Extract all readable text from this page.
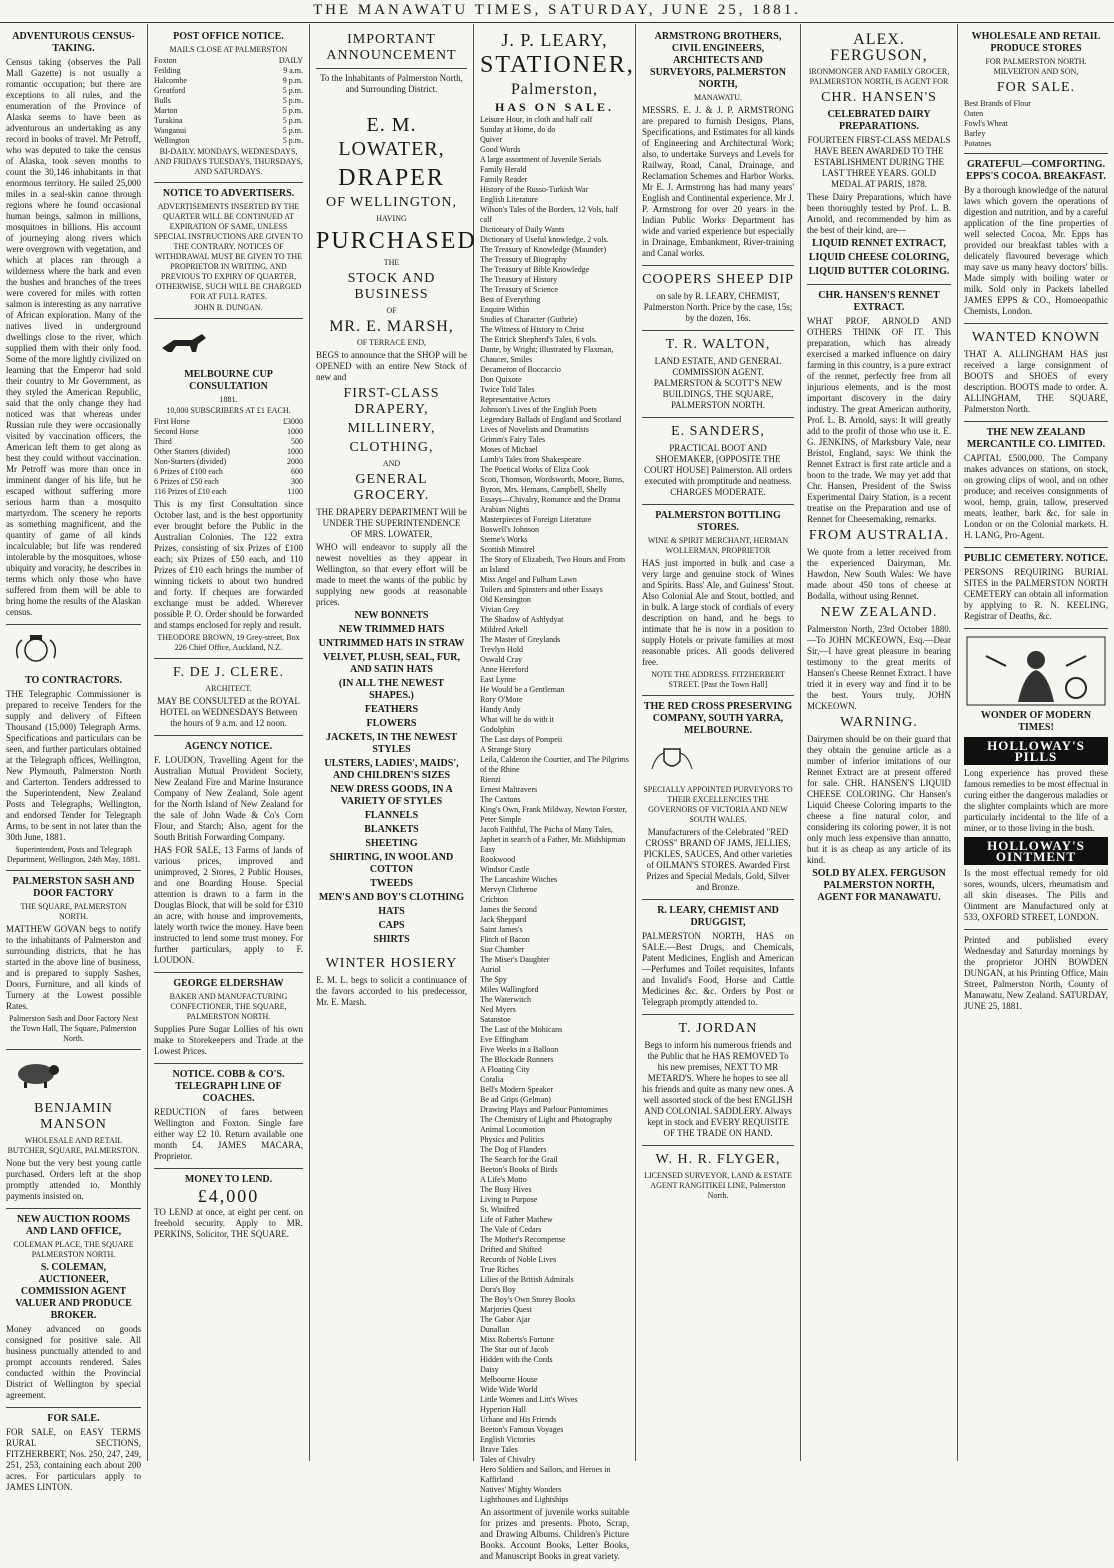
THE MANAWATU TIMES, SATURDAY, JUNE 25, 1881.
ADVENTUROUS CENSUS-TAKING.
Census taking (observes the Pall Mall Gazette) is not usually a romantic occupation; but there are exceptions to all rules, and the enumeration of the Province of Alaska seems to have been as adventurous an undertaking as any record in books of travel. Mr Petroff, who was deputed to take the census of Alaska, took seven months to count the 30,146 inhabitants in that enormous territory. He sailed 25,000 miles in a seal-skin canoe through regions where he found occasional human beings, salmon in millions, mosquitoes in billions. His account of journeying along rivers which were overgrown with vegetation, and which at places ran through a wilderness where the bark and even the bushes and branches of the trees were covered for miles with rotten salmon is interesting as any narrative of African exploration. Many of the natives lived in underground dwellings close to the river, which supplied them with their only food. Some of the more lightly civilized on learning that the Emperor had sold their country to Mr Government, as they styled the American Republic, said that the only change they had noticed was that whereas under Russian rule they were occasionally visited by vaccination officers, the American left them to get along as best they could without vaccination. Mr Petroff was more than once in imminent danger of his life, but he escaped without suffering more serious harm than a mosquito martyrdom. The scenery he reports as something magnificent, and the quantity of game of all kinds incalculable; but life was rendered intolerable by the mosquitoes, whose ubiquity and voracity, he describes in terms which only those who have suffered from them will be able to bring home the results of the Alaskan census.
TO CONTRACTORS.
THE Telegraphic Commissioner is prepared to receive Tenders for the supply and delivery of Fifteen Thousand (15,000) Telegraph Arms. Specifications and particulars can be seen, and further particulars obtained at the Telegraph offices, Wellington, New Plymouth, Palmerston North and Carterton. Tenders addressed to the Superintendent, New Zealand Posts and Telegraphs, Wellington, and endorsed Tender for Telegraph Arms, to be sent in not later than the 30th June, 1881.
Superintendent, Posts and Telegraph Department, Wellington, 24th May, 1881.
PALMERSTON SASH AND DOOR FACTORY
THE SQUARE, PALMERSTON NORTH.
MATTHEW GOVAN begs to notify to the inhabitants of Palmerston and surrounding districts, that he has started in the above line of business, and is prepared to supply Sashes, Doors, Furniture, and all kinds of Turnery at the Lowest possible Rates.
Palmerston Sash and Door Factory Next the Town Hall, The Square, Palmerston North.
BENJAMIN MANSON
WHOLESALE AND RETAIL BUTCHER, SQUARE, PALMERSTON.
None but the very best young cattle purchased. Orders left at the shop promptly attended to. Monthly payments insisted on.
NEW AUCTION ROOMS AND LAND OFFICE,
COLEMAN PLACE, THE SQUARE PALMERSTON NORTH.
S. COLEMAN, AUCTIONEER, COMMISSION AGENT VALUER AND PRODUCE BROKER.
Money advanced on goods consigned for positive sale. All business punctually attended to and prompt accounts rendered. Sales conducted within the Provincial District of Wellington by special agreement.
FOR SALE.
FOR SALE, on EASY TERMS RURAL SECTIONS, FITZHERBERT, Nos. 250, 247, 249, 251, 253, containing each about 200 acres. For particulars apply to JAMES LINTON.
POST OFFICE NOTICE.
MAILS CLOSE AT PALMERSTON
Foxton	DAILY
Feilding	9 a.m.
Halcombe	9 p.m.
Greatford	5 p.m.
Bulls	5 p.m.
Marton	5 p.m.
Turakina	5 p.m.
Wanganui	5 p.m.
Wellington	5 p.m.
BI-DAILY. MONDAYS, WEDNESDAYS, AND FRIDAYS TUESDAYS, THURSDAYS, AND SATURDAYS.
NOTICE TO ADVERTISERS.
ADVERTISEMENTS INSERTED BY THE QUARTER WILL BE CONTINUED AT EXPIRATION OF SAME, UNLESS SPECIAL INSTRUCTIONS ARE GIVEN TO THE CONTRARY. NOTICES OF WITHDRAWAL MUST BE GIVEN TO THE PROPRIETOR IN WRITING, AND PREVIOUS TO EXPIRY OF QUARTER, OTHERWISE, SUCH WILL BE CHARGED FOR AT FULL RATES.
JOHN B. DUNGAN.
MELBOURNE CUP CONSULTATION
1881.
10,000 SUBSCRIBERS AT £1 EACH.
First Horse	£3000
Second Horse	1000
Third	500
Other Starters (divided)	1000
Non-Starters (divided)	2000
6 Prizes of £100 each	600
6 Prizes of £50 each	300
116 Prizes of £10 each	1100
This is my first Consultation since October last, and is the best opportunity ever brought before the Public in the Australian Colonies. The 122 extra Prizes, consisting of six Prizes of £100 each; six Prizes of £50 each, and 110 Prizes of £10 each brings the number of winning tickets to about two hundred and forty. If cheques are forwarded exchange must be added. Wherever possible P. O. Order should be forwarded and stamps enclosed for reply and result.
THEODORE BROWN, 19 Grey-street, Box 226 Chief Office, Auckland, N.Z.
F. DE J. CLERE.
ARCHITECT.
MAY BE CONSULTED at the ROYAL HOTEL on WEDNESDAYS Between the hours of 9 a.m. and 12 noon.
AGENCY NOTICE.
F. LOUDON, Travelling Agent for the Australian Mutual Provident Society, New Zealand Fire and Marine Insurance Company of New Zealand, Sole agent for the North Island of New Zealand for the sale of John Wade & Co's Corn Flour, and Starch; Also, agent for the South British Forwarding Company.
HAS FOR SALE, 13 Farms of lands of various prices, improved and unimproved, 2 Stores, 2 Public Houses, and one Boarding House. Special attention is drawn to a farm in the Douglas Block, that will be sold for £310 an acre, with house and improvements, lately worth twice the money. Have been instructed to lend some trust money. For further particulars, apply to F. LOUDON.
GEORGE ELDERSHAW
BAKER AND MANUFACTURING CONFECTIONER, THE SQUARE, PALMERSTON NORTH.
Supplies Pure Sugar Lollies of his own make to Storekeepers and Trade at the Lowest Prices.
NOTICE. COBB & CO'S. TELEGRAPH LINE OF COACHES.
REDUCTION of fares between Wellington and Foxton. Single fare either way £2 10. Return available one month £4. JAMES MACARA, Proprietor.
MONEY TO LEND.
£4,000
TO LEND at once, at eight per cent. on freehold security. Apply to MR. PERKINS, Solicitor, THE SQUARE.
IMPORTANT ANNOUNCEMENT
To the Inhabitants of Palmerston North, and Surrounding District.
E. M. LOWATER,
DRAPER
OF WELLINGTON,
HAVING
PURCHASED
THE
STOCK AND BUSINESS
OF
MR. E. MARSH,
OF TERRACE END,
BEGS to announce that the SHOP will be OPENED with an entire New Stock of new and
FIRST-CLASS DRAPERY,
MILLINERY,
CLOTHING,
AND
GENERAL GROCERY.
THE DRAPERY DEPARTMENT Will be UNDER THE SUPERINTENDENCE OF MRS. LOWATER,
WHO will endeavor to supply all the newest novelties as they appear in Wellington, so that every effort will be made to meet the wants of the public by supplying new goods at reasonable prices.
NEW BONNETS
NEW TRIMMED HATS
UNTRIMMED HATS IN STRAW
VELVET, PLUSH, SEAL, FUR, AND SATIN HATS
(IN ALL THE NEWEST SHAPES.)
FEATHERS
FLOWERS
JACKETS, IN THE NEWEST STYLES
ULSTERS, LADIES', MAIDS', AND CHILDREN'S SIZES
NEW DRESS GOODS, IN A VARIETY OF STYLES
FLANNELS
BLANKETS
SHEETING
SHIRTING, IN WOOL AND COTTON
TWEEDS
MEN'S AND BOY'S CLOTHING
HATS
CAPS
SHIRTS
WINTER HOSIERY
E. M. L. begs to solicit a continuance of the favors accorded to his predecessor, Mr. E. Marsh.
J. P. LEARY,
STATIONER,
Palmerston,
HAS ON SALE.
Leisure Hour, in cloth and half calf
Sunday at Home, do do
Quiver
Good Words
A large assortment of Juvenile Serials
Family Herald
Family Reader
History of the Russo-Turkish War
English Literature
Wilson's Tales of the Borders, 12 Vols, half calf
Dictionary of Daily Wants
Dictionary of Useful knowledge, 2 vols.
The Treasury of Knowledge (Maunder)
The Treasury of Biography
The Treasury of Bible Knowledge
The Treasury of History
The Treasury of Science
Best of Everything
Enquire Within
Studies of Character (Guthrie)
The Witness of History to Christ
The Ettrick Shepherd's Tales, 6 vols.
Dante, by Wright; illustrated by Flaxman, Chaucer, Smiles
Decameron of Boccaccio
Don Quixote
Twice Told Tales
Representative Actors
Johnson's Lives of the English Poets
Legendary Ballads of England and Scotland
Lives of Novelists and Dramatists
Grimm's Fairy Tales
Moses of Michael
Lamb's Tales from Shakespeare
The Poetical Works of Eliza Cook
Scott, Thomson, Wordsworth, Moore, Burns, Byron, Mrs. Hemans, Campbell, Shelly
Essays—Chivalry, Romance and the Drama
Arabian Nights
Masterpieces of Foreign Literature
Boswell's Johnson
Sterne's Works
Scottish Minstrel
The Story of Elizabeth, Two Hours and From an Island
Miss Angel and Fulham Lawn
Toilers and Spinsters and other Essays
Old Kensington
Vivian Grey
The Shadow of Ashlydyat
Mildred Arkell
The Master of Greylands
Trevlyn Hold
Oswald Cray
Anne Hereford
East Lynne
He Would be a Gentleman
Rory O'More
Handy Andy
What will he do with it
Godolphin
The Last days of Pompeii
A Strange Story
Leila, Calderon the Courtier, and The Pilgrims of the Rhine
Rienzi
Ernest Maltravers
The Caxtons
King's Own, Frank Mildway, Newton Forster, Peter Simple
Jacob Faithful, The Pacha of Many Tales, Japhet in search of a Father, Mr. Midshipman Easy
Rookwood
Windsor Castle
The Lancashire Witches
Mervyn Clitheroe
Crichton
James the Second
Jack Sheppard
Saint James's
Flitch of Bacon
Star Chamber
The Miser's Daughter
Auriol
The Spy
Miles Wallingford
The Waterwitch
Ned Myers
Satanstoe
The Last of the Mohicans
Eve Effingham
Five Weeks in a Balloon
The Blockade Runners
A Floating City
Coralia
Bell's Modern Speaker
Be ad Grips (Gelman)
Drawing Plays and Parlour Pantomimes
The Chemistry of Light and Photography
Animal Locomotion
Physics and Politics
The Dog of Flanders
The Search for the Grail
Beeton's Books of Birds
A Life's Motto
The Busy Hives
Living to Purpose
St. Winifred
Life of Father Mathew
The Vale of Cedars
The Mother's Recompense
Drifted and Shifted
Records of Noble Lives
True Riches
Lilies of the British Admirals
Dora's Boy
The Boy's Own Storey Books
Marjories Quest
The Gabor Ajar
Dunallan
Miss Roberts's Fortune
The Star out of Jacob
Hidden with the Cords
Daisy
Melbourne House
Wide Wide World
Little Women and Litt's Wives
Hyperion Hall
Urbane and His Friends
Beeton's Famous Voyages
English Victories
Brave Tales
Tales of Chivalry
Hero Soldiers and Sailors, and Heroes in Kaffirland
Natives' Mighty Wonders
Lighthouses and Lightships
An assortment of juvenile works suitable for prizes and presents. Photo, Scrap, and Drawing Albums. Children's Picture Books. Account Books, Letter Books, and Manuscript Books in great variety.
ARMSTRONG BROTHERS, CIVIL ENGINEERS, ARCHITECTS AND SURVEYORS, PALMERSTON NORTH,
MANAWATU.
MESSRS. E. J. & J. P. ARMSTRONG are prepared to furnish Designs, Plans, Specifications, and Estimates for all kinds of Engineering and Architectural Work; also, to undertake Surveys and Levels for Railway, Road, Canal, Drainage, and Reclamation Schemes and Harbor Works. Mr E. J. Armstrong has had many years' English and Continental experience. Mr J. P. Armstrong for over 20 years in the Indian Public Works Department has wide and varied experience but especially in Drainage, Embankment, River-training and Canal works.
COOPERS SHEEP DIP
on sale by R. LEARY, CHEMIST, Palmerston North. Price by the case, 15s; by the dozen, 16s.
T. R. WALTON,
LAND ESTATE, AND GENERAL COMMISSION AGENT. PALMERSTON & SCOTT'S NEW BUILDINGS, THE SQUARE, PALMERSTON NORTH.
E. SANDERS,
PRACTICAL BOOT AND SHOEMAKER, [OPPOSITE THE COURT HOUSE] Palmerston. All orders executed with promptitude and neatness. CHARGES MODERATE.
PALMERSTON BOTTLING STORES.
WINE & SPIRIT MERCHANT, HERMAN WOLLERMAN, PROPRIETOR
HAS just imported in bulk and case a very large and genuine stock of Wines and Spirits. Bass' Ale, and Guiness' Stout. Also Colonial Ale and Stout, bottled, and in bulk. A large stock of cordials of every description on hand, and he begs to intimate that he is now in a position to supply Hotels or private families at most reasonable prices. All goods delivered free.
NOTE THE ADDRESS. FITZHERBERT STREET. [Past the Town Hall]
THE RED CROSS PRESERVING COMPANY, SOUTH YARRA, MELBOURNE.
SPECIALLY APPOINTED PURVEYORS TO THEIR EXCELLENCIES THE GOVERNORS OF VICTORIA AND NEW SOUTH WALES.
Manufacturers of the Celebrated "RED CROSS" BRAND OF JAMS, JELLIES, PICKLES, SAUCES, And other varieties of OILMAN'S STORES. Awarded First Prizes and Special Medals, Gold, Silver and Bronze.
R. LEARY, CHEMIST AND DRUGGIST,
PALMERSTON NORTH, HAS on SALE.—Best Drugs, and Chemicals, Patent Medicines, English and American—Perfumes and Toilet requisites, Infants and Invalid's Food, Horse and Cattle Medicines &c. &c. Orders by Post or Telegraph promptly attended to.
T. JORDAN
Begs to inform his numerous friends and the Public that he HAS REMOVED To his new premises, NEXT TO MR METARD'S. Where he hopes to see all his friends and quite as many new ones. A well assorted stock of the best ENGLISH AND COLONIAL SADDLERY. Always kept in stock and EVERY REQUISITE OF THE TRADE ON HAND.
W. H. R. FLYGER,
LICENSED SURVEYOR, LAND & ESTATE AGENT RANGITIKEI LINE, Palmerston North.
ALEX. FERGUSON,
IRONMONGER AND FAMILY GROCER, PALMERSTON NORTH, IS AGENT FOR
CHR. HANSEN'S
CELEBRATED DAIRY PREPARATIONS.
FOURTEEN FIRST-CLASS MEDALS HAVE BEEN AWARDED TO THE ESTABLISHMENT DURING THE LAST THREE YEARS. GOLD MEDAL AT PARIS, 1878.
These Dairy Preparations, which have been thoroughly tested by Prof. L. B. Arnold, and recommended by him as the best of their kind, are—
LIQUID RENNET EXTRACT,
LIQUID CHEESE COLORING,
LIQUID BUTTER COLORING.
CHR. HANSEN'S RENNET EXTRACT.
WHAT PROF. ARNOLD AND OTHERS THINK OF IT. This preparation, which has already exercised a marked influence on dairy farming in this country, is a pure extract of the rennet, perfectly free from all injurious elements, and is the most important discovery in the dairy industry. The great American authority, Prof. L. B. Arnold, says: It will greatly add to the profit of those who use it. E. G. JENKINS, of Marksbury Vale, near Bristol, England, says: We think the Rennet Extract is first rate article and a boon to the trade. We may yet add that Chr. Hansen, President of the Swiss Experimental Dairy Station, is a recent treatise on the Preparation and use of Rennet for Cheesemaking, remarks.
FROM AUSTRALIA.
We quote from a letter received from the experienced Dairyman, Mr. Hawdon, New South Wales: We have made about 450 tons of cheese at Bodalla, without using Rennet.
NEW ZEALAND.
Palmerston North, 23rd October 1880.—To JOHN MCKEOWN, Esq.—Dear Sir,—I have great pleasure in bearing testimony to the great merits of Hansen's Cheese Rennet Extract. I have tried it in every way and find it to be the best. Yours truly, JOHN MCKEOWN.
WARNING.
Dairymen should be on their guard that they obtain the genuine article as a number of inferior imitations of our Rennet Extract are at present offered for sale. CHR. HANSEN'S LIQUID CHEESE COLORING. Chr Hansen's Liquid Cheese Coloring imparts to the cheese a fine natural color, and considering its coloring power, it is not only much less expensive than annatto, but it is as cheap as any article of its kind.
SOLD BY ALEX. FERGUSON PALMERSTON NORTH, AGENT FOR MANAWATU.
WHOLESALE AND RETAIL PRODUCE STORES
FOR PALMERSTON NORTH. MILVERTON AND SON,
FOR SALE.
Best Brands of Flour
Oaten
Fowl's Wheat
Barley
Potatoes
GRATEFUL—COMFORTING. EPPS'S COCOA. BREAKFAST.
By a thorough knowledge of the natural laws which govern the operations of digestion and nutrition, and by a careful application of the fine properties of well selected Cocoa, Mr. Epps has provided our breakfast tables with a delicately flavoured beverage which may save us many heavy doctors' bills. Made simply with boiling water or milk. Sold only in Packets labelled JAMES EPPS & CO., Homoeopathic Chemists, London.
WANTED KNOWN
THAT A. ALLINGHAM HAS just received a large consignment of BOOTS and SHOES of every description. BOOTS made to order. A. ALLINGHAM, THE SQUARE, Palmerston North.
THE NEW ZEALAND MERCANTILE CO. LIMITED.
CAPITAL £500,000. The Company makes advances on stations, on stock, on growing clips of wool, and on other produce; and receives consignments of wool, hemp, grain, tallow, preserved meats, leather, bark &c. for sale in London or on the Colonial markets. H. H. LANG, Pro-Agent.
PUBLIC CEMETERY. NOTICE.
PERSONS REQUIRING BURIAL SITES in the PALMERSTON NORTH CEMETERY can obtain all information by applying to R. N. KEELING, Registrar of Deaths, &c.
WONDER OF MODERN TIMES!
HOLLOWAY'S PILLS
Long experience has proved these famous remedies to be most effectual in curing either the dangerous maladies or the slighter complaints which are more particularly incidental to the life of a miner, or to those living in the bush.
HOLLOWAY'S OINTMENT
Is the most effectual remedy for old sores, wounds, ulcers, rheumatism and all skin diseases. The Pills and Ointment are Manufactured only at 533, OXFORD STREET, LONDON.
Printed and published every Wednesday and Saturday mornings by the proprietor JOHN BOWDEN DUNGAN, at his Printing Office, Main Street, Palmerston North, County of Manawatu, New Zealand. SATURDAY, JUNE 25, 1881.
